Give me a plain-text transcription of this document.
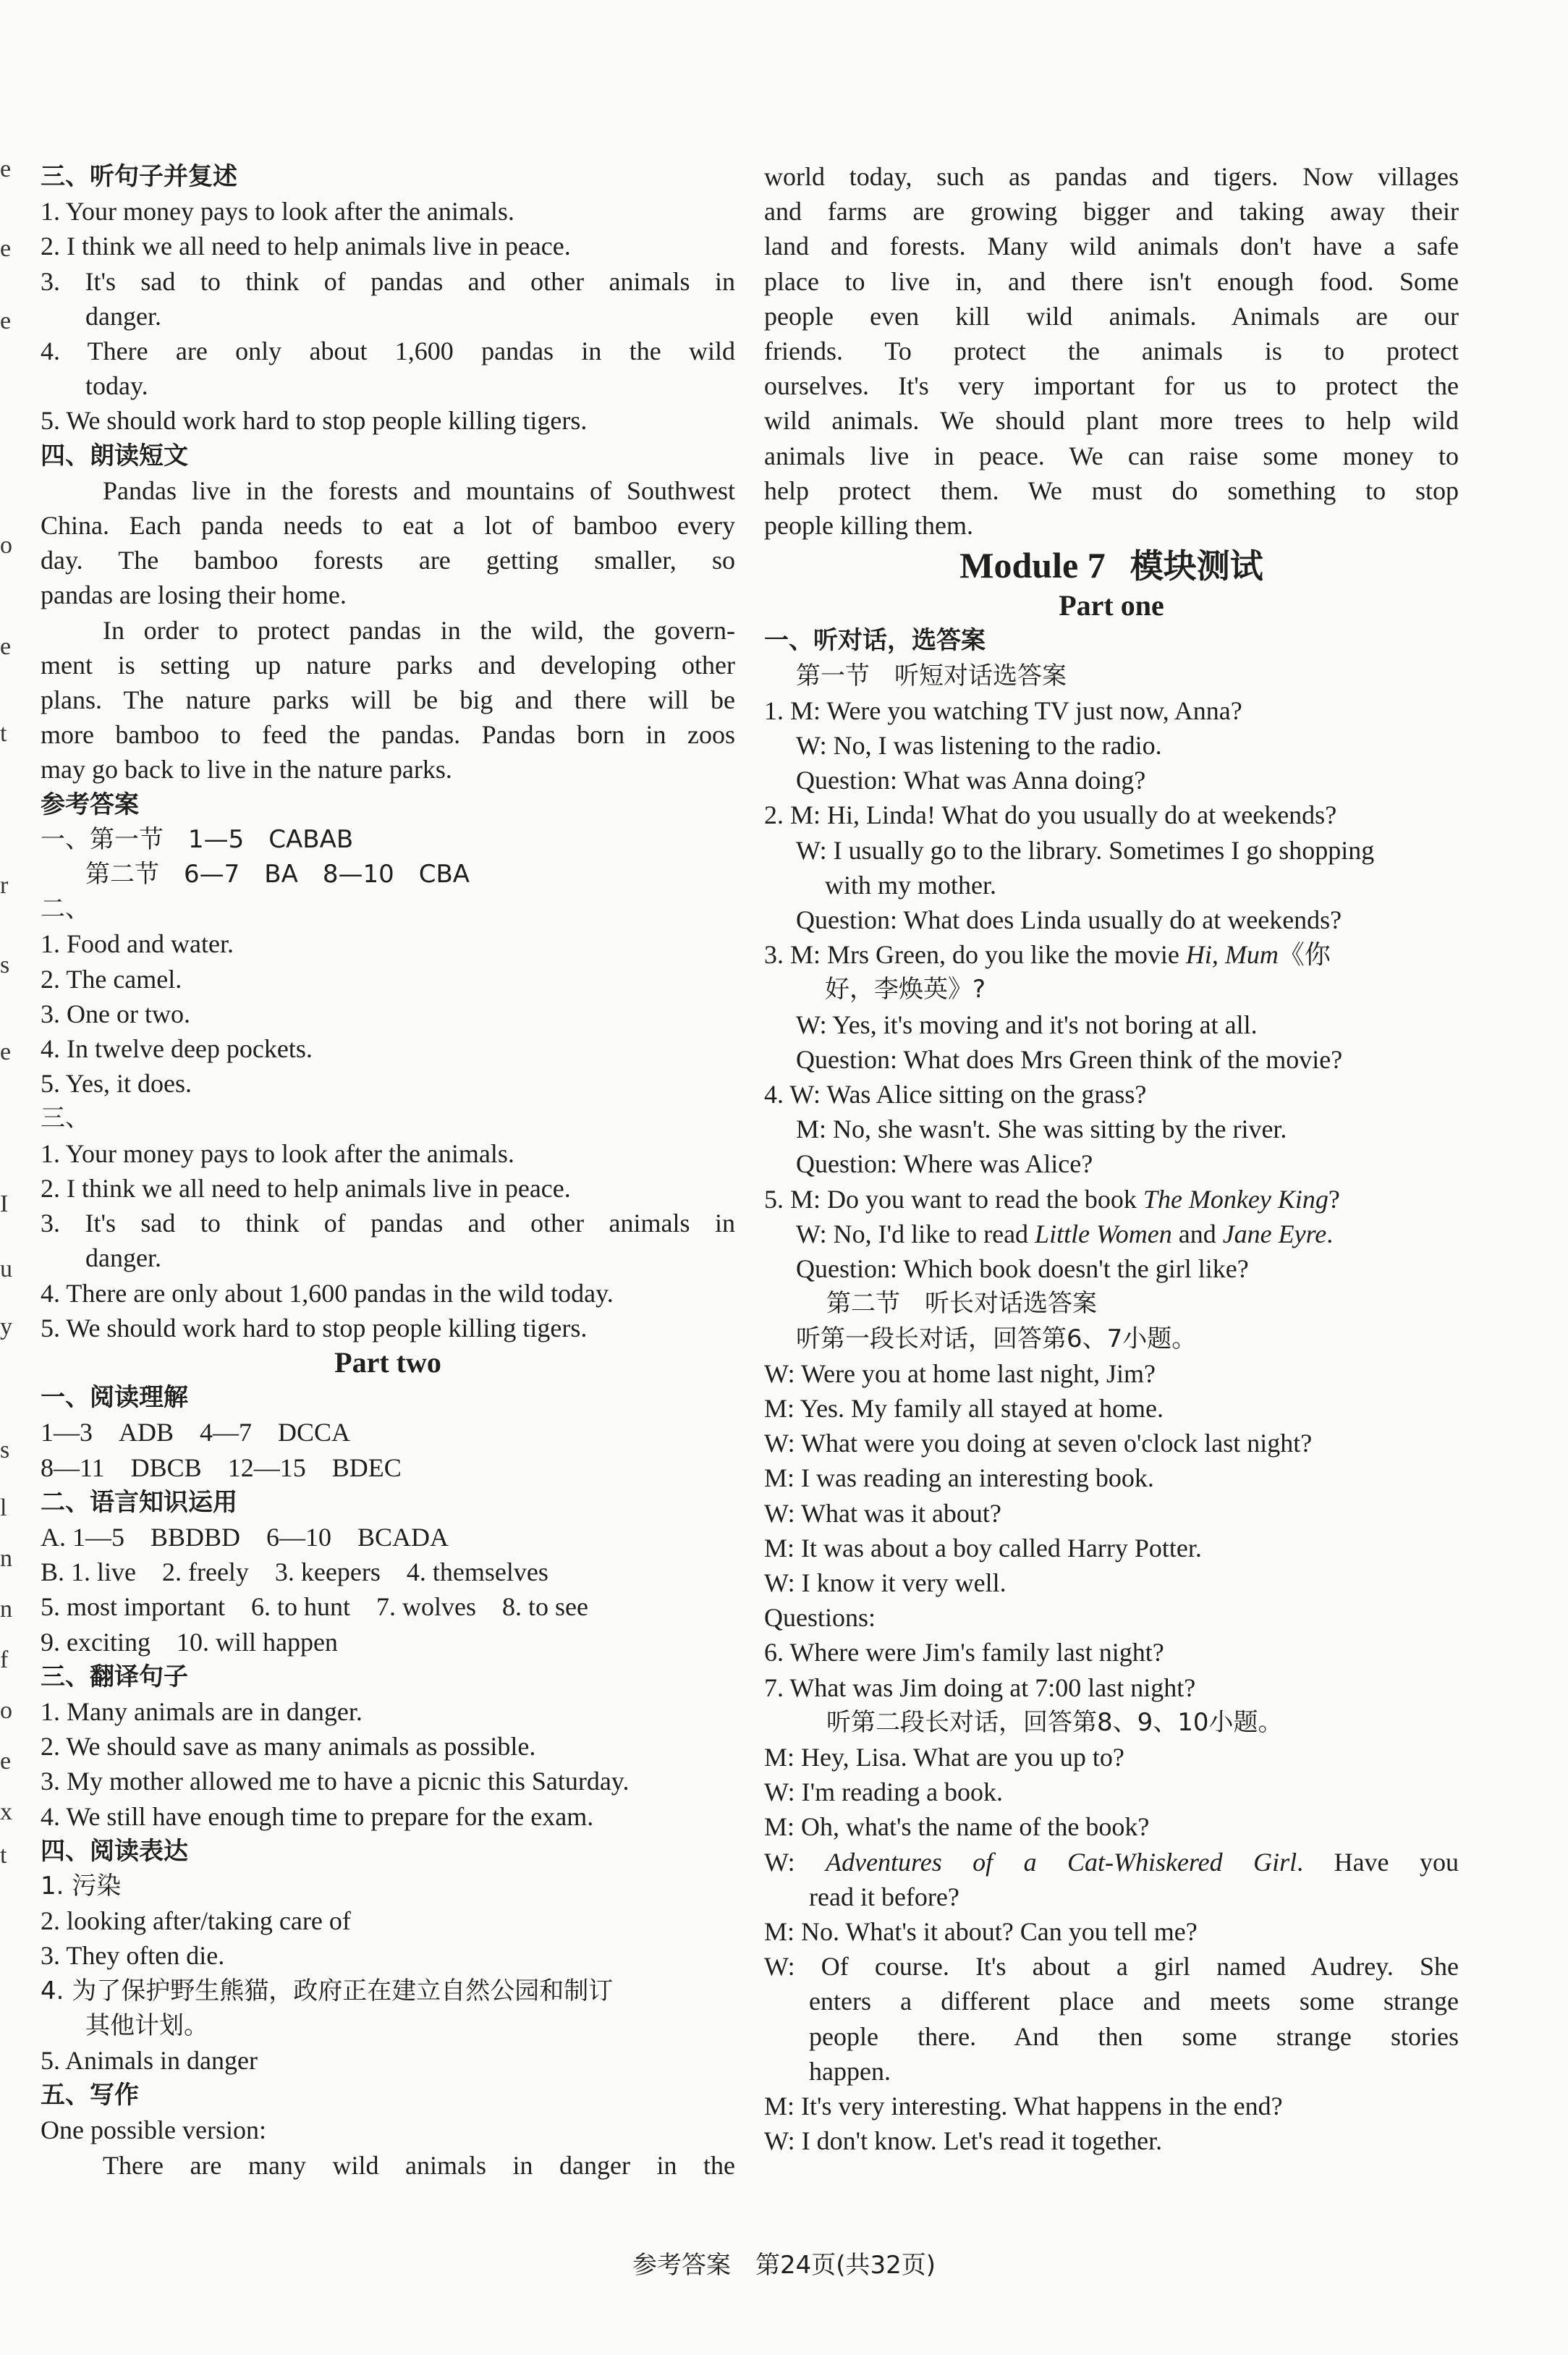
e
e
e
o
e
t
r
s
e
I
u
y
s
l
n
n
f
o
e
x
t
三、听句子并复述
1. Your money pays to look after the animals.
2. I think we all need to help animals live in peace.
3. It's sad to think of pandas and other animals in
danger.
4. There are only about 1,600 pandas in the wild
today.
5. We should work hard to stop people killing tigers.
四、朗读短文
Pandas live in the forests and mountains of Southwest
China. Each panda needs to eat a lot of bamboo every
day. The bamboo forests are getting smaller, so
pandas are losing their home.
In order to protect pandas in the wild, the govern-
ment is setting up nature parks and developing other
plans. The nature parks will be big and there will be
more bamboo to feed the pandas. Pandas born in zoos
may go back to live in the nature parks.
参考答案
一、第一节　1—5　CABAB
第二节　6—7　BA　8—10　CBA
二、
1. Food and water.
2. The camel.
3. One or two.
4. In twelve deep pockets.
5. Yes, it does.
三、
1. Your money pays to look after the animals.
2. I think we all need to help animals live in peace.
3. It's sad to think of pandas and other animals in
danger.
4. There are only about 1,600 pandas in the wild today.
5. We should work hard to stop people killing tigers.
Part two
一、阅读理解
1—3　ADB　4—7　DCCA
8—11　DBCB　12—15　BDEC
二、语言知识运用
A. 1—5　BBDBD　6—10　BCADA
B. 1. live　2. freely　3. keepers　4. themselves
5. most important　6. to hunt　7. wolves　8. to see
9. exciting　10. will happen
三、翻译句子
1. Many animals are in danger.
2. We should save as many animals as possible.
3. My mother allowed me to have a picnic this Saturday.
4. We still have enough time to prepare for the exam.
四、阅读表达
1. 污染
2. looking after/taking care of
3. They often die.
4. 为了保护野生熊猫，政府正在建立自然公园和制订
其他计划。
5. Animals in danger
五、写作
One possible version:
There are many wild animals in danger in the
world today, such as pandas and tigers. Now villages
and farms are growing bigger and taking away their
land and forests. Many wild animals don't have a safe
place to live in, and there isn't enough food. Some
people even kill wild animals. Animals are our
friends. To protect the animals is to protect
ourselves. It's very important for us to protect the
wild animals. We should plant more trees to help wild
animals live in peace. We can raise some money to
help protect them. We must do something to stop
people killing them.
Module 7 模块测试
Part one
一、听对话，选答案
第一节　听短对话选答案
1. M: Were you watching TV just now, Anna?
W: No, I was listening to the radio.
Question: What was Anna doing?
2. M: Hi, Linda! What do you usually do at weekends?
W: I usually go to the library. Sometimes I go shopping
with my mother.
Question: What does Linda usually do at weekends?
3. M: Mrs Green, do you like the movie Hi, Mum《你
好，李焕英》?
W: Yes, it's moving and it's not boring at all.
Question: What does Mrs Green think of the movie?
4. W: Was Alice sitting on the grass?
M: No, she wasn't. She was sitting by the river.
Question: Where was Alice?
5. M: Do you want to read the book The Monkey King?
W: No, I'd like to read Little Women and Jane Eyre.
Question: Which book doesn't the girl like?
第二节　听长对话选答案
听第一段长对话，回答第6、7小题。
W: Were you at home last night, Jim?
M: Yes. My family all stayed at home.
W: What were you doing at seven o'clock last night?
M: I was reading an interesting book.
W: What was it about?
M: It was about a boy called Harry Potter.
W: I know it very well.
Questions:
6. Where were Jim's family last night?
7. What was Jim doing at 7:00 last night?
听第二段长对话，回答第8、9、10小题。
M: Hey, Lisa. What are you up to?
W: I'm reading a book.
M: Oh, what's the name of the book?
W: Adventures of a Cat-Whiskered Girl. Have you
read it before?
M: No. What's it about? Can you tell me?
W: Of course. It's about a girl named Audrey. She
enters a different place and meets some strange
people there. And then some strange stories
happen.
M: It's very interesting. What happens in the end?
W: I don't know. Let's read it together.
参考答案　第24页(共32页)
